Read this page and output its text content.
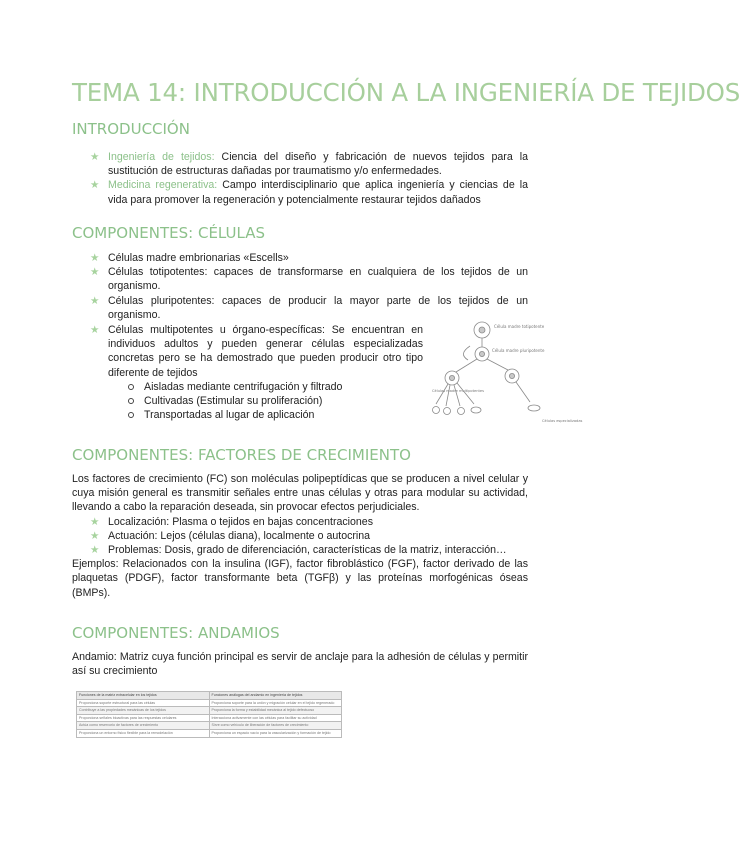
TEMA 14: INTRODUCCIÓN A LA INGENIERÍA DE TEJIDOS
INTRODUCCIÓN
★ Ingeniería de tejidos: Ciencia del diseño y fabricación de nuevos tejidos para la sustitución de estructuras dañadas por traumatismo y/o enfermedades.
★ Medicina regenerativa: Campo interdisciplinario que aplica ingeniería y ciencias de la vida para promover la regeneración y potencialmente restaurar tejidos dañados
COMPONENTES: CÉLULAS
★ Células madre embrionarias «Escells»
★ Células totipotentes: capaces de transformarse en cualquiera de los tejidos de un organismo.
★ Células pluripotentes: capaces de producir la mayor parte de los tejidos de un organismo.
★ Células multipotentes u órgano-específicas: Se encuentran en individuos adultos y pueden generar células especializadas concretas pero se ha demostrado que pueden producir otro tipo diferente de tejidos
Aisladas mediante centrifugación y filtrado
Cultivadas (Estimular su proliferación)
Transportadas al lugar de aplicación
Célula madre totipotente
Célula madre pluripotente
Células madre multipotentes
Células especializadas
COMPONENTES: FACTORES DE CRECIMIENTO
Los factores de crecimiento (FC) son moléculas polipeptídicas que se producen a nivel celular y cuya misión general es transmitir señales entre unas células y otras para modular su actividad, llevando a cabo la reparación deseada, sin provocar efectos perjudiciales.
★ Localización: Plasma o tejidos en bajas concentraciones
★ Actuación: Lejos (células diana), localmente o autocrina
★ Problemas: Dosis, grado de diferenciación, características de la matriz, interacción…
Ejemplos: Relacionados con la insulina (IGF), factor fibroblástico (FGF), factor derivado de las plaquetas (PDGF), factor transformante beta (TGFβ) y las proteínas morfogénicas óseas (BMPs).
COMPONENTES: ANDAMIOS
Andamio: Matriz cuya función principal es servir de anclaje para la adhesión de células y permitir así su crecimiento
Funciones de la matriz extracelular en los tejidos	Funciones análogas del andamio en ingeniería de tejidos
Proporciona soporte estructural para las células	Proporciona soporte para la unión y migración celular en el tejido regenerado
Contribuye a las propiedades mecánicas de los tejidos	Proporciona la forma y estabilidad mecánica al tejido defectuoso
Proporciona señales bioactivas para las respuestas celulares	Interacciona activamente con las células para facilitar su actividad
Actúa como reservorio de factores de crecimiento	Sirve como vehículo de liberación de factores de crecimiento
Proporciona un entorno físico flexible para la remodelación	Proporciona un espacio vacío para la vascularización y formación de tejido
